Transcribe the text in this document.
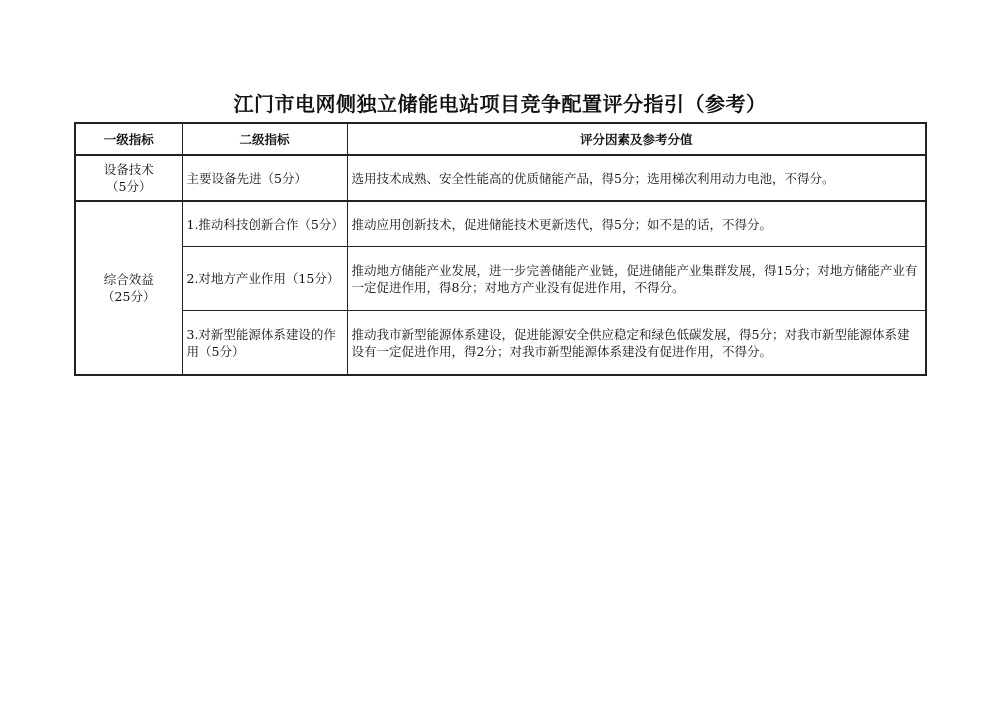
江门市电网侧独立储能电站项目竞争配置评分指引（参考）
一级指标	二级指标	评分因素及参考分值

设备技术
（5分）	主要设备先进（5分）	选用技术成熟、安全性能高的优质储能产品，得5分；选用梯次利用动力电池，不得分。

综合效益
（25分）	1.推动科技创新合作（5分）	推动应用创新技术，促进储能技术更新迭代，得5分；如不是的话，不得分。
	2.对地方产业作用（15分）	推动地方储能产业发展，进一步完善储能产业链，促进储能产业集群发展，得15分；对地方储能产业有一定促进作用，得8分；对地方产业没有促进作用，不得分。
	3.对新型能源体系建设的作用（5分）	推动我市新型能源体系建设，促进能源安全供应稳定和绿色低碳发展，得5分；对我市新型能源体系建设有一定促进作用，得2分；对我市新型能源体系建没有促进作用，不得分。
